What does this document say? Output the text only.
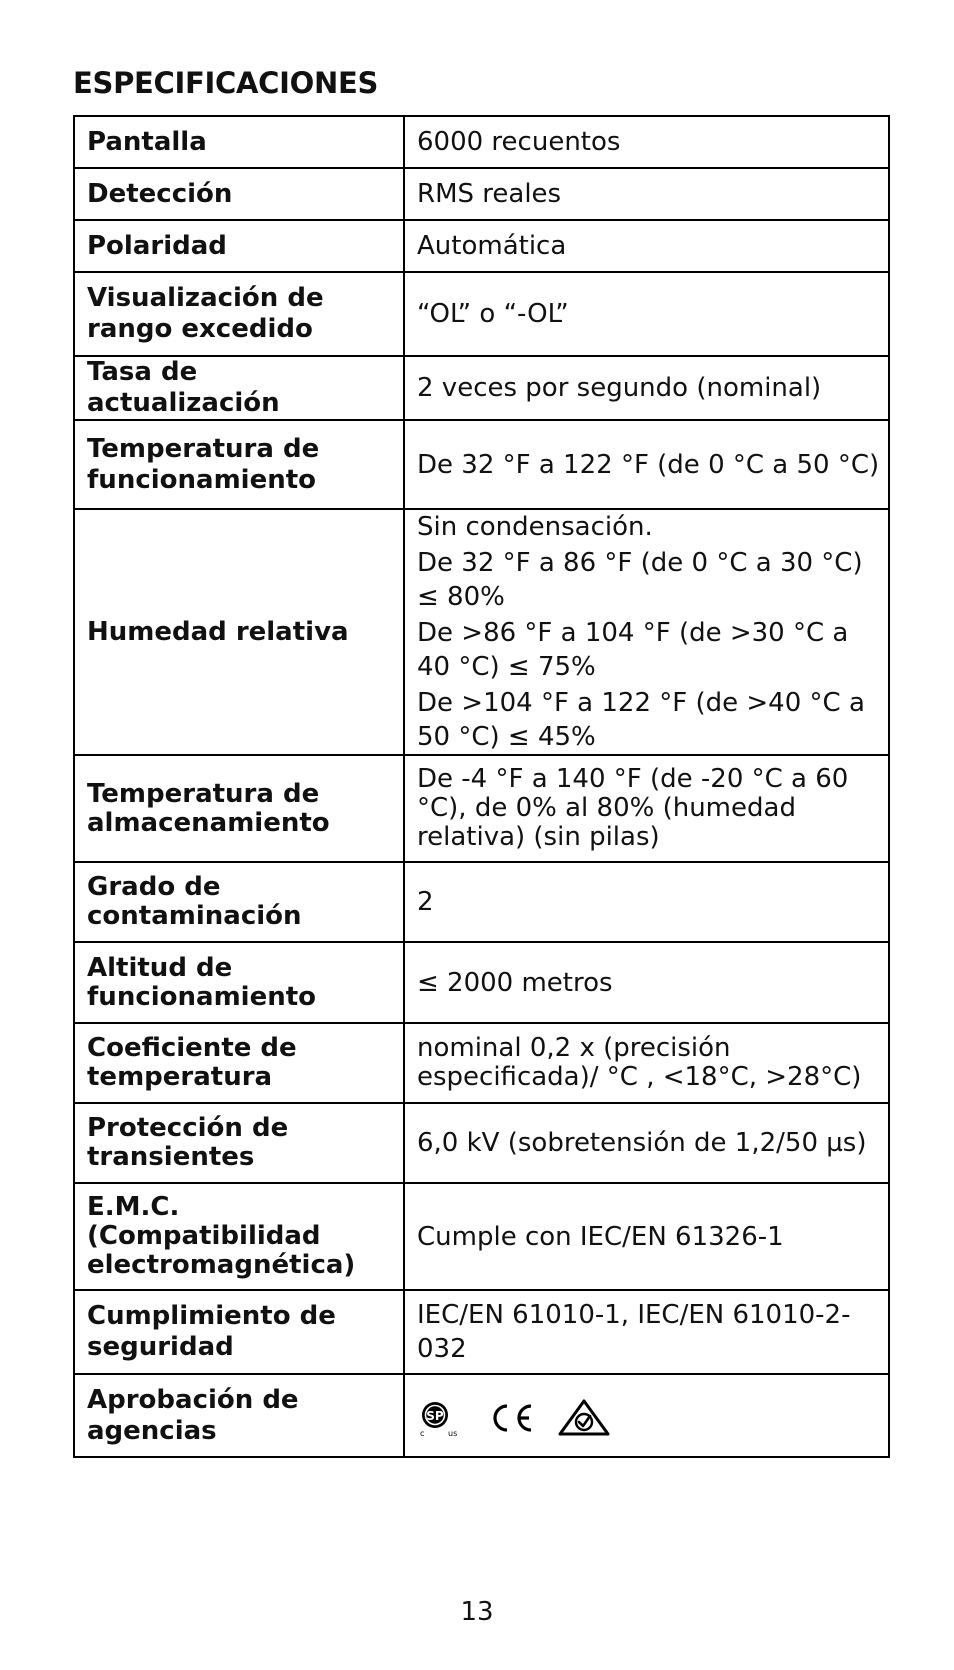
ESPECIFICACIONES
Pantalla	6000 recuentos

Detección	RMS reales

Polaridad	Automática

Visualización de
rango excedido	“OL” o “-OL”

Tasa de actualización	2 veces por segundo (nominal)

Temperatura de
funcionamiento	De 32 °F a 122 °F (de 0 °C a 50 °C)

Humedad relativa	Sin condensación.
De 32 °F a 86 °F (de 0 °C a 30 °C) ≤ 80%
De >86 °F a 104 °F (de >30 °C a 40 °C) ≤ 75%
De >104 °F a 122 °F (de >40 °C a 50 °C) ≤ 45%

Temperatura de
almacenamiento	De -4 °F a 140 °F (de -20 °C a 60 °C), de 0% al 80% (humedad relativa) (sin pilas)

Grado de
contaminación	2

Altitud de
funcionamiento	≤ 2000 metros

Coeficiente de
temperatura	nominal 0,2 x (precisión especificada)/ °C , <18°C, >28°C)

Protección de
transientes	6,0 kV (sobretensión de 1,2/50 µs)

E.M.C.
(Compatibilidad
electromagnética)	Cumple con IEC/EN 61326-1

Cumplimiento de
seguridad	IEC/EN 61010-1, IEC/EN 61010-2-032

Aprobación de
agencias	SP
c us
13
